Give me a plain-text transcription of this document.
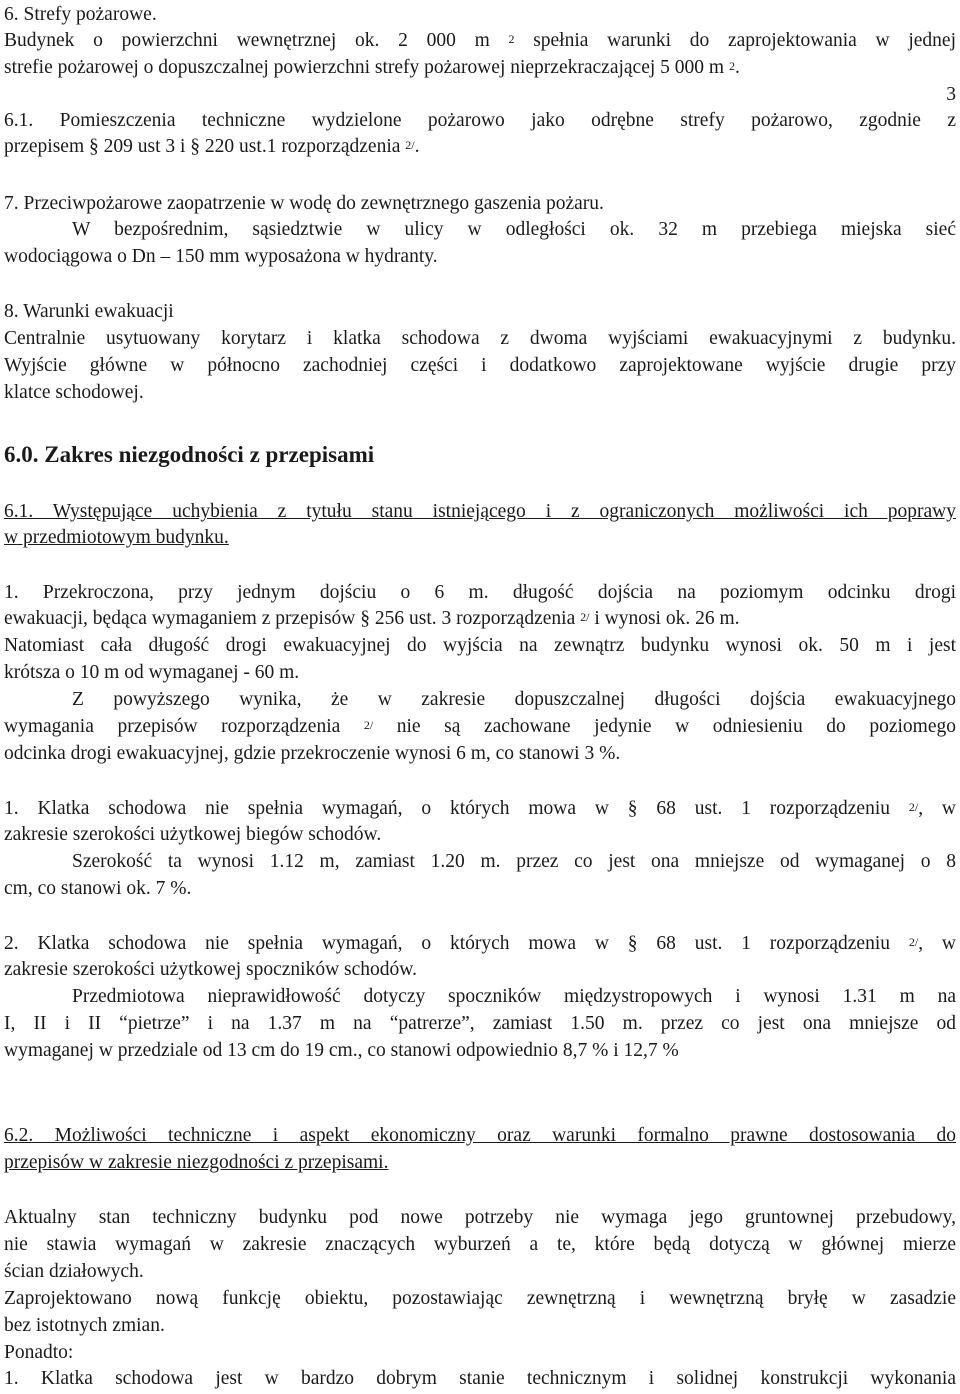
6. Strefy pożarowe.
Budynek o powierzchni wewnętrznej ok. 2 000 m $^2$ spełnia warunki do zaprojektowania w jednej
strefie pożarowej o dopuszczalnej powierzchni strefy pożarowej nieprzekraczającej 5 000 m $^2$.
3
6.1. Pomieszczenia techniczne wydzielone pożarowo jako odrębne strefy pożarowo, zgodnie z
przepisem § 209 ust 3 i § 220 ust.1 rozporządzenia $^{2/}$.
7. Przeciwpożarowe zaopatrzenie w wodę do zewnętrznego gaszenia pożaru.
W bezpośrednim, sąsiedztwie w ulicy w odległości ok. 32 m przebiega miejska sieć
wodociągowa o Dn – 150 mm wyposażona w hydranty.
8. Warunki ewakuacji
Centralnie usytuowany korytarz i klatka schodowa z dwoma wyjściami ewakuacyjnymi z budynku.
Wyjście główne w północno zachodniej części i dodatkowo zaprojektowane wyjście drugie przy
klatce schodowej.
6.0. Zakres niezgodności z przepisami
6.1. Występujące uchybienia z tytułu stanu istniejącego i z ograniczonych możliwości ich poprawy
w przedmiotowym budynku.
1. Przekroczona, przy jednym dojściu o 6 m. długość dojścia na poziomym odcinku drogi
ewakuacji, będąca wymaganiem z przepisów § 256 ust. 3 rozporządzenia $^{2/}$ i wynosi ok. 26 m.
Natomiast cała długość drogi ewakuacyjnej do wyjścia na zewnątrz budynku wynosi ok. 50 m i jest
krótsza o 10 m od wymaganej - 60 m.
Z powyższego wynika, że w zakresie dopuszczalnej długości dojścia ewakuacyjnego
wymagania przepisów rozporządzenia $^{2/}$ nie są zachowane jedynie w odniesieniu do poziomego
odcinka drogi ewakuacyjnej, gdzie przekroczenie wynosi 6 m, co stanowi 3 %.
1. Klatka schodowa nie spełnia wymagań, o których mowa w § 68 ust. 1 rozporządzeniu $^{2/}$, w
zakresie szerokości użytkowej biegów schodów.
Szerokość ta wynosi 1.12 m, zamiast 1.20 m. przez co jest ona mniejsze od wymaganej o 8
cm, co stanowi ok. 7 %.
2. Klatka schodowa nie spełnia wymagań, o których mowa w § 68 ust. 1 rozporządzeniu $^{2/}$, w
zakresie szerokości użytkowej spoczników schodów.
Przedmiotowa nieprawidłowość dotyczy spoczników międzystropowych i wynosi 1.31 m na
I, II i II “pietrze” i na 1.37 m na “patrerze”, zamiast 1.50 m. przez co jest ona mniejsze od
wymaganej w przedziale od 13 cm do 19 cm., co stanowi odpowiednio 8,7 % i 12,7 %
6.2. Możliwości techniczne i aspekt ekonomiczny oraz warunki formalno prawne dostosowania do
przepisów w zakresie niezgodności z przepisami.
Aktualny stan techniczny budynku pod nowe potrzeby nie wymaga jego gruntownej przebudowy,
nie stawia wymagań w zakresie znaczących wyburzeń a te, które będą dotyczą w głównej mierze
ścian działowych.
Zaprojektowano nową funkcję obiektu, pozostawiając zewnętrzną i wewnętrzną bryłę w zasadzie
bez istotnych zmian.
Ponadto:
1. Klatka schodowa jest w bardzo dobrym stanie technicznym i solidnej konstrukcji wykonania
